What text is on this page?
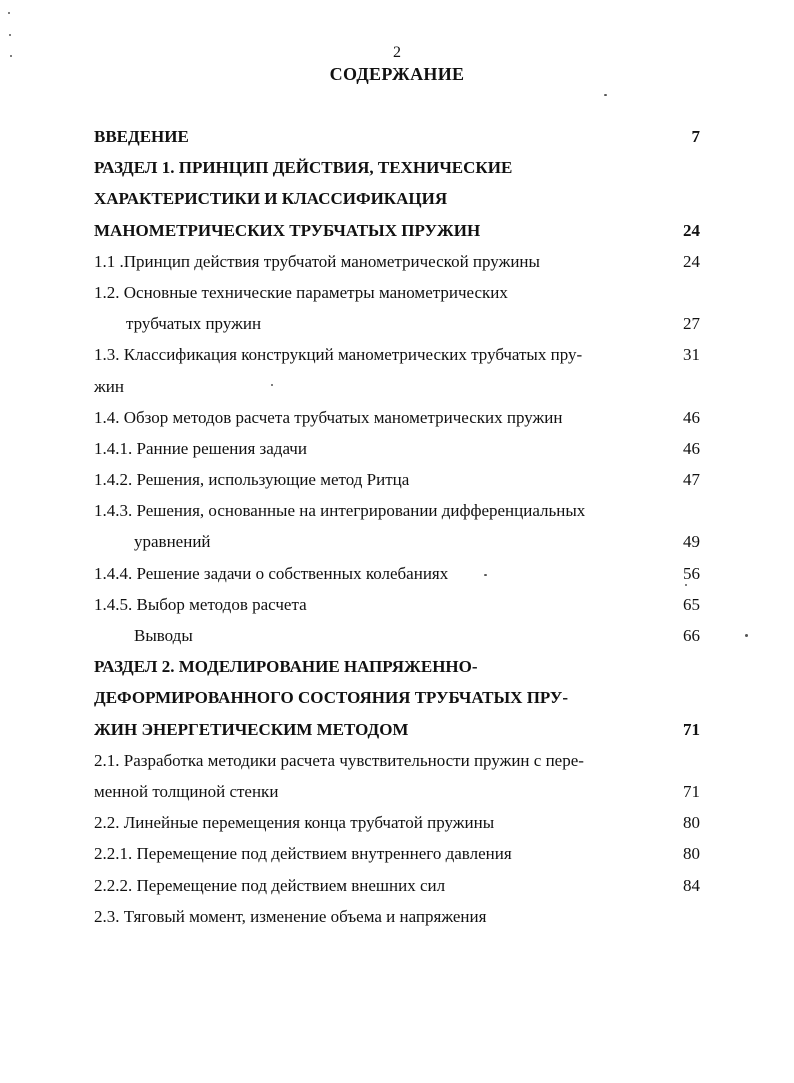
2
СОДЕРЖАНИЕ
ВВЕДЕНИЕ	7
РАЗДЕЛ 1. ПРИНЦИП ДЕЙСТВИЯ, ТЕХНИЧЕСКИЕ
ХАРАКТЕРИСТИКИ И КЛАССИФИКАЦИЯ
МАНОМЕТРИЧЕСКИХ ТРУБЧАТЫХ ПРУЖИН	24
1.1 .Принцип действия трубчатой манометрической пружины	24
1.2. Основные технические параметры манометрических
трубчатых пружин	27
1.3. Классификация конструкций манометрических трубчатых пру-	31
жин
1.4. Обзор методов расчета трубчатых манометрических пружин	46
1.4.1. Ранние решения задачи	46
1.4.2. Решения, использующие метод Ритца	47
1.4.3. Решения, основанные на интегрировании дифференциальных
уравнений	49
1.4.4. Решение задачи о собственных колебаниях	56
1.4.5. Выбор методов расчета	65
Выводы	66
РАЗДЕЛ 2. МОДЕЛИРОВАНИЕ НАПРЯЖЕННО-
ДЕФОРМИРОВАННОГО СОСТОЯНИЯ ТРУБЧАТЫХ ПРУ-
ЖИН ЭНЕРГЕТИЧЕСКИМ МЕТОДОМ	71
2.1. Разработка методики расчета чувствительности пружин с пере-
менной толщиной стенки	71
2.2. Линейные перемещения конца трубчатой пружины	80
2.2.1. Перемещение под действием внутреннего давления	80
2.2.2. Перемещение под действием внешних сил	84
2.3. Тяговый момент, изменение объема и напряжения
